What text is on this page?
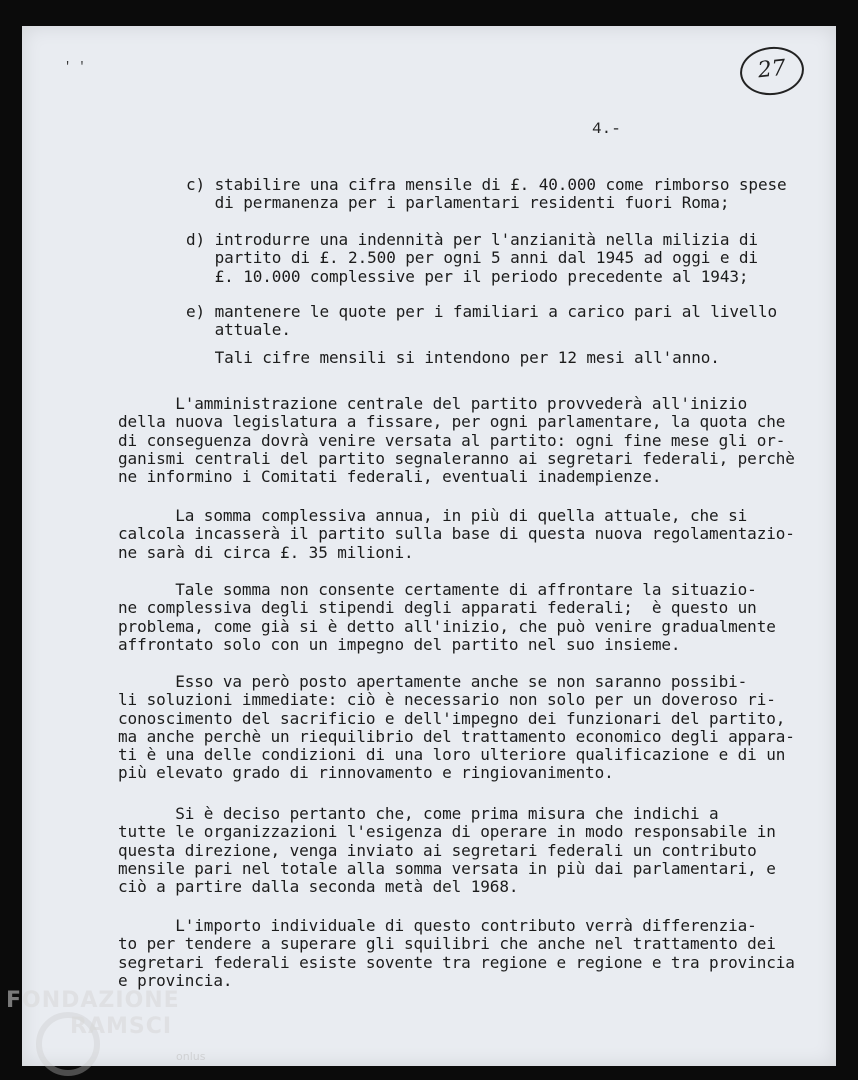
' '	27
4.-
c) stabilire una cifra mensile di £. 40.000 come rimborso spese
di permanenza per i parlamentari residenti fuori Roma;
d) introdurre una indennità per l'anzianità nella milizia di
partito di £. 2.500 per ogni 5 anni dal 1945 ad oggi e di
£. 10.000 complessive per il periodo precedente al 1943;
e) mantenere le quote per i familiari a carico pari al livello
attuale.
Tali cifre mensili si intendono per 12 mesi all'anno.
L'amministrazione centrale del partito provvederà all'inizio
della nuova legislatura a fissare, per ogni parlamentare, la quota che
di conseguenza dovrà venire versata al partito: ogni fine mese gli or-
ganismi centrali del partito segnaleranno ai segretari federali, perchè
ne informino i Comitati federali, eventuali inadempienze.
La somma complessiva annua, in più di quella attuale, che si
calcola incasserà il partito sulla base di questa nuova regolamentazio-
ne sarà di circa £. 35 milioni.
Tale somma non consente certamente di affrontare la situazio-
ne complessiva degli stipendi degli apparati federali;  è questo un
problema, come già si è detto all'inizio, che può venire gradualmente
affrontato solo con un impegno del partito nel suo insieme.
Esso va però posto apertamente anche se non saranno possibi-
li soluzioni immediate: ciò è necessario non solo per un doveroso ri-
conoscimento del sacrificio e dell'impegno dei funzionari del partito,
ma anche perchè un riequilibrio del trattamento economico degli appara-
ti è una delle condizioni di una loro ulteriore qualificazione e di un
più elevato grado di rinnovamento e ringiovanimento.
Si è deciso pertanto che, come prima misura che indichi a
tutte le organizzazioni l'esigenza di operare in modo responsabile in
questa direzione, venga inviato ai segretari federali un contributo
mensile pari nel totale alla somma versata in più dai parlamentari, e
ciò a partire dalla seconda metà del 1968.
L'importo individuale di questo contributo verrà differenzia-
to per tendere a superare gli squilibri che anche nel trattamento dei
segretari federali esiste sovente tra regione e regione e tra provincia
e provincia.
FONDAZIONE
RAMSCI
onlus
